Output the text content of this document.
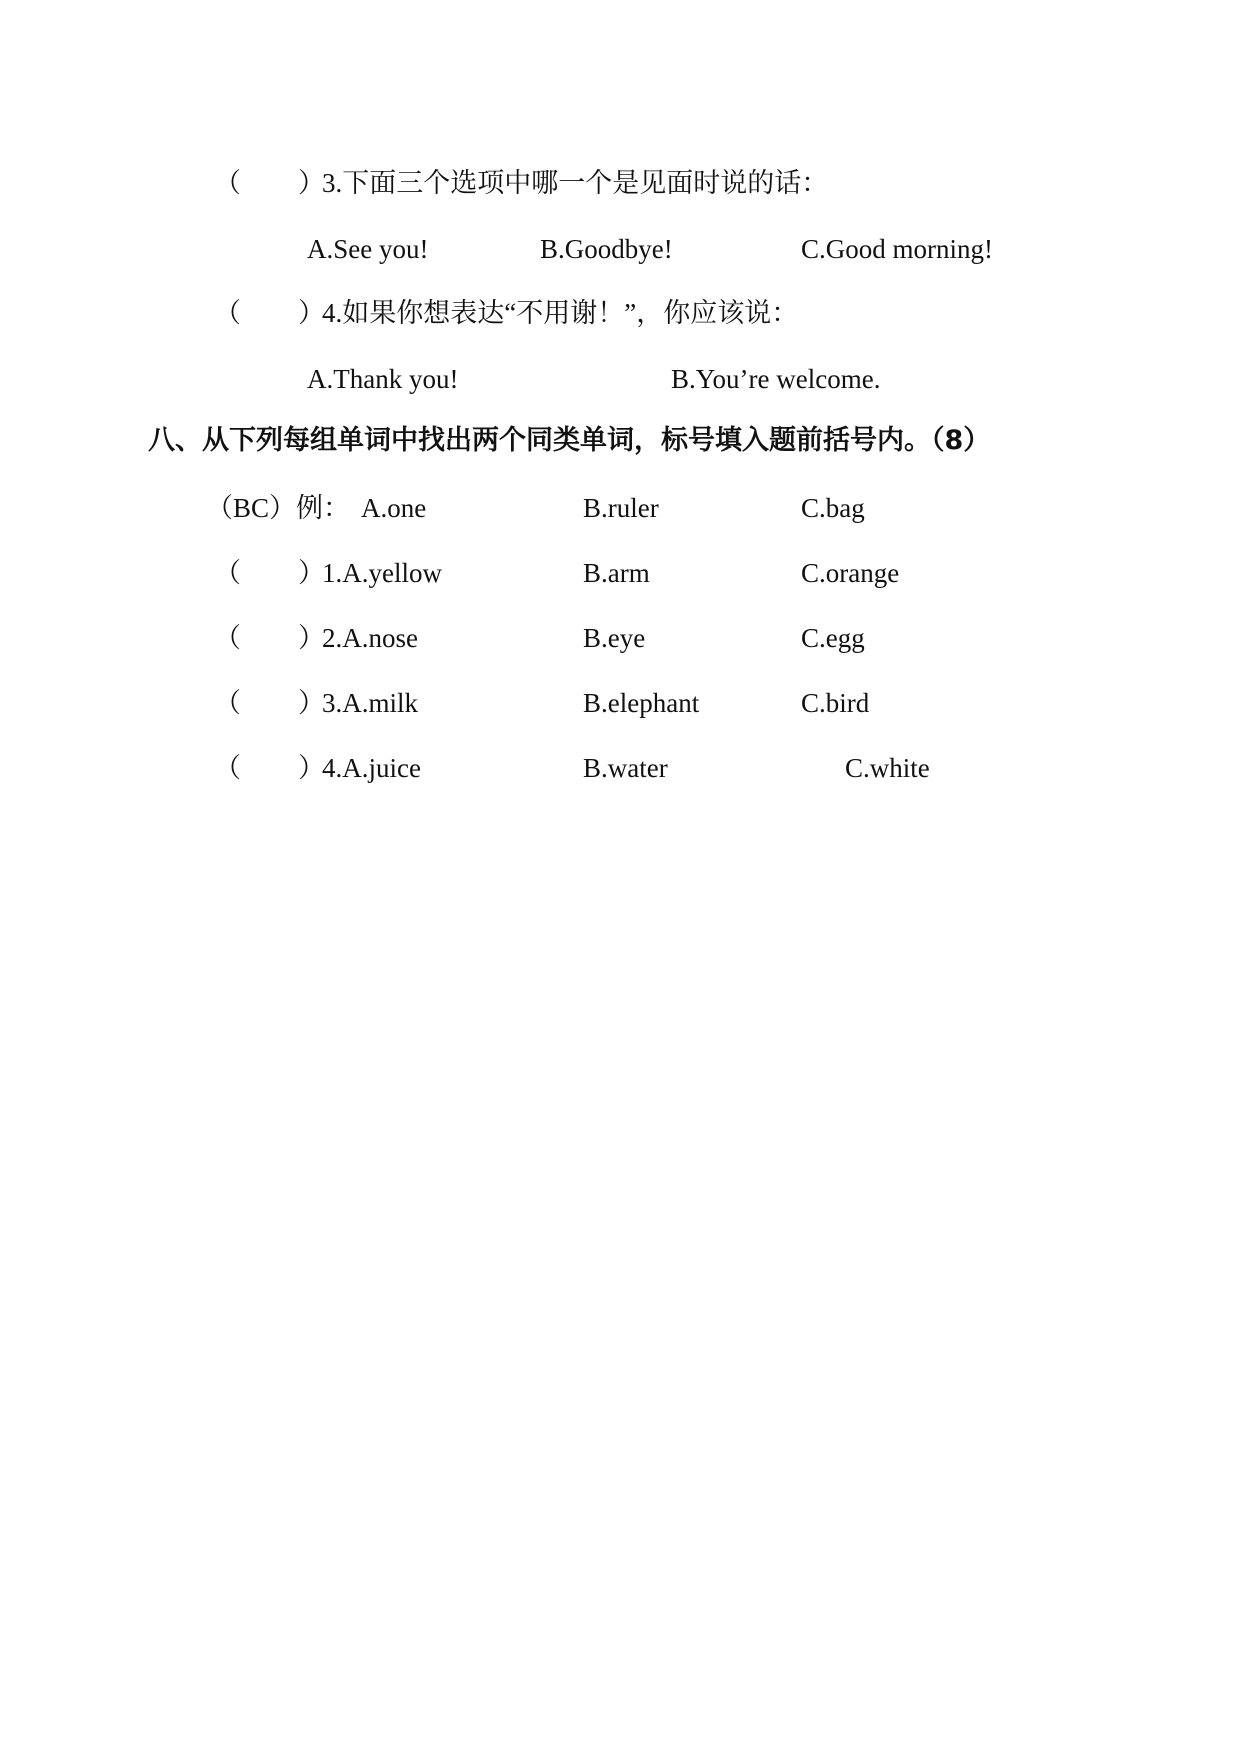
（ ）
3.下面三个选项中哪一个是见面时说的话：
A.See you!	B.Goodbye!	C.Good morning!
（ ）
4.如果你想表达“不用谢！”，你应该说：
A.Thank you!	B.You’re welcome.
八、从下列每组单词中找出两个同类单词，标号填入题前括号内。（8）
（BC）例： A.one	B.ruler	C.bag
（ ）
1.A.yellow	B.arm	C.orange
（ ）
2.A.nose	B.eye	C.egg
（ ）
3.A.milk	B.elephant	C.bird
（ ）
4.A.juice	B.water	C.white
